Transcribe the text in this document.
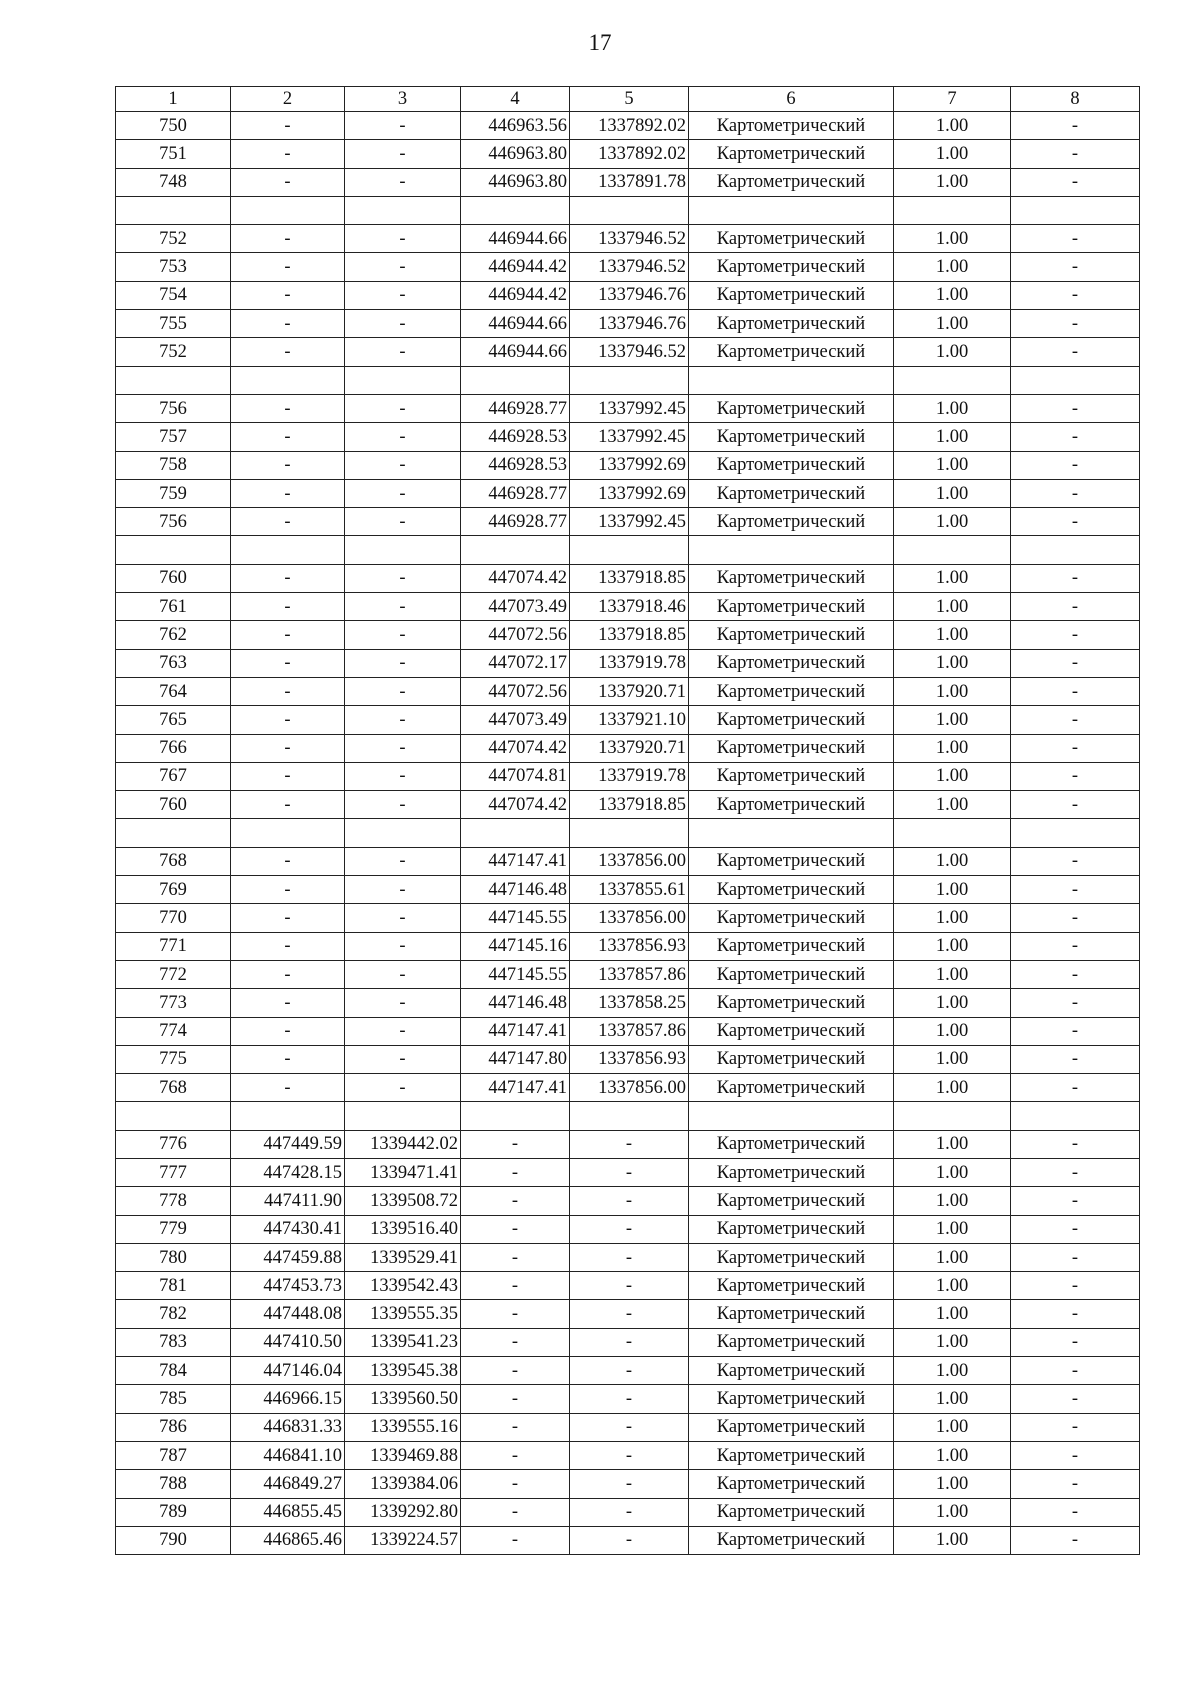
17
1	2	3	4	5	6	7	8
750	-	-	446963.56	1337892.02	Картометрический	1.00	-
751	-	-	446963.80	1337892.02	Картометрический	1.00	-
748	-	-	446963.80	1337891.78	Картометрический	1.00	-

752	-	-	446944.66	1337946.52	Картометрический	1.00	-
753	-	-	446944.42	1337946.52	Картометрический	1.00	-
754	-	-	446944.42	1337946.76	Картометрический	1.00	-
755	-	-	446944.66	1337946.76	Картометрический	1.00	-
752	-	-	446944.66	1337946.52	Картометрический	1.00	-

756	-	-	446928.77	1337992.45	Картометрический	1.00	-
757	-	-	446928.53	1337992.45	Картометрический	1.00	-
758	-	-	446928.53	1337992.69	Картометрический	1.00	-
759	-	-	446928.77	1337992.69	Картометрический	1.00	-
756	-	-	446928.77	1337992.45	Картометрический	1.00	-

760	-	-	447074.42	1337918.85	Картометрический	1.00	-
761	-	-	447073.49	1337918.46	Картометрический	1.00	-
762	-	-	447072.56	1337918.85	Картометрический	1.00	-
763	-	-	447072.17	1337919.78	Картометрический	1.00	-
764	-	-	447072.56	1337920.71	Картометрический	1.00	-
765	-	-	447073.49	1337921.10	Картометрический	1.00	-
766	-	-	447074.42	1337920.71	Картометрический	1.00	-
767	-	-	447074.81	1337919.78	Картометрический	1.00	-
760	-	-	447074.42	1337918.85	Картометрический	1.00	-

768	-	-	447147.41	1337856.00	Картометрический	1.00	-
769	-	-	447146.48	1337855.61	Картометрический	1.00	-
770	-	-	447145.55	1337856.00	Картометрический	1.00	-
771	-	-	447145.16	1337856.93	Картометрический	1.00	-
772	-	-	447145.55	1337857.86	Картометрический	1.00	-
773	-	-	447146.48	1337858.25	Картометрический	1.00	-
774	-	-	447147.41	1337857.86	Картометрический	1.00	-
775	-	-	447147.80	1337856.93	Картометрический	1.00	-
768	-	-	447147.41	1337856.00	Картометрический	1.00	-

776	447449.59	1339442.02	-	-	Картометрический	1.00	-
777	447428.15	1339471.41	-	-	Картометрический	1.00	-
778	447411.90	1339508.72	-	-	Картометрический	1.00	-
779	447430.41	1339516.40	-	-	Картометрический	1.00	-
780	447459.88	1339529.41	-	-	Картометрический	1.00	-
781	447453.73	1339542.43	-	-	Картометрический	1.00	-
782	447448.08	1339555.35	-	-	Картометрический	1.00	-
783	447410.50	1339541.23	-	-	Картометрический	1.00	-
784	447146.04	1339545.38	-	-	Картометрический	1.00	-
785	446966.15	1339560.50	-	-	Картометрический	1.00	-
786	446831.33	1339555.16	-	-	Картометрический	1.00	-
787	446841.10	1339469.88	-	-	Картометрический	1.00	-
788	446849.27	1339384.06	-	-	Картометрический	1.00	-
789	446855.45	1339292.80	-	-	Картометрический	1.00	-
790	446865.46	1339224.57	-	-	Картометрический	1.00	-
